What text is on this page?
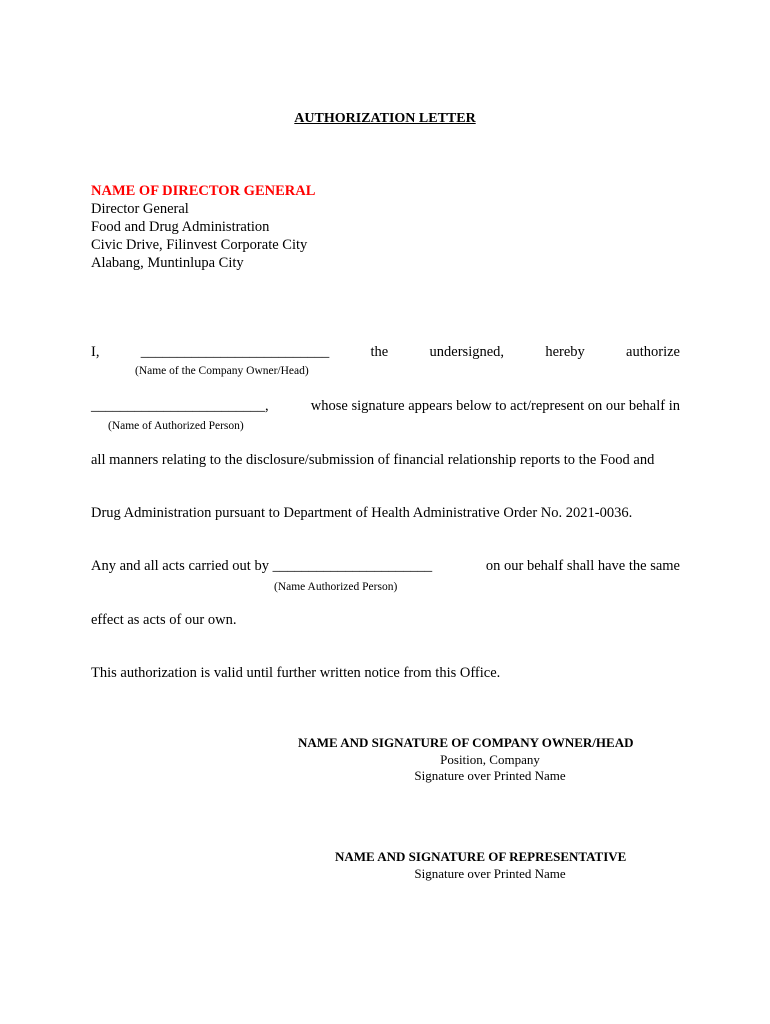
AUTHORIZATION LETTER
NAME OF DIRECTOR GENERAL
Director General
Food and Drug Administration
Civic Drive, Filinvest Corporate City
Alabang, Muntinlupa City
I,	__________________________	the	undersigned,	hereby	authorize
(Name of the Company Owner/Head)
________________________,	whose signature appears below to act/represent on our behalf in
(Name of Authorized Person)
all manners relating to the disclosure/submission of financial relationship reports to the Food and
Drug Administration pursuant to Department of Health Administrative Order No. 2021-0036.
Any and all acts carried out by ______________________	on our behalf shall have the same
(Name Authorized Person)
effect as acts of our own.
This authorization is valid until further written notice from this Office.
NAME AND SIGNATURE OF COMPANY OWNER/HEAD
Position, Company
Signature over Printed Name
NAME AND SIGNATURE OF REPRESENTATIVE
Signature over Printed Name
